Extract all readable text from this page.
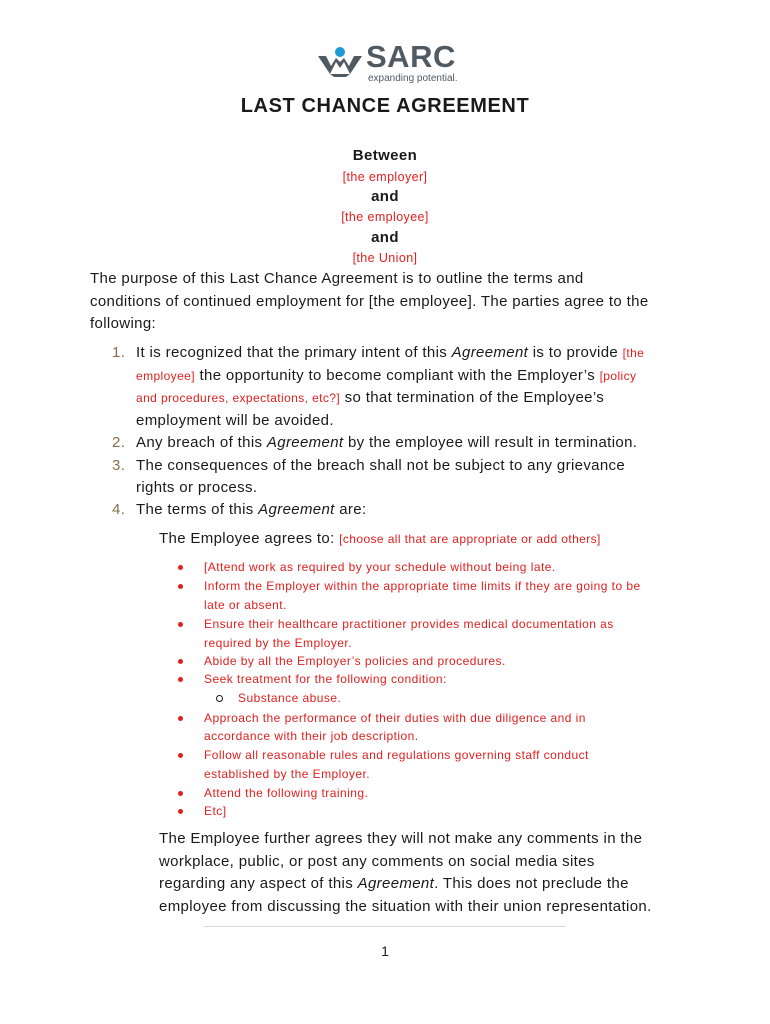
SARC
expanding potential.
LAST CHANCE AGREEMENT
Between
[the employer]
and
[the employee]
and
[the Union]
The purpose of this Last Chance Agreement is to outline the terms and
conditions of continued employment for [the employee]. The parties agree to the
following:
1. It is recognized that the primary intent of this Agreement is to provide [the
employee] the opportunity to become compliant with the Employer’s [policy
and procedures, expectations, etc?] so that termination of the Employee’s
employment will be avoided.
2. Any breach of this Agreement by the employee will result in termination.
3. The consequences of the breach shall not be subject to any grievance
rights or process.
4. The terms of this Agreement are:
The Employee agrees to: [choose all that are appropriate or add others]
[Attend work as required by your schedule without being late.
Inform the Employer within the appropriate time limits if they are going to be
late or absent.
Ensure their healthcare practitioner provides medical documentation as
required by the Employer.
Abide by all the Employer’s policies and procedures.
Seek treatment for the following condition:
Substance abuse.
Approach the performance of their duties with due diligence and in
accordance with their job description.
Follow all reasonable rules and regulations governing staff conduct
established by the Employer.
Attend the following training.
Etc]
The Employee further agrees they will not make any comments in the
workplace, public, or post any comments on social media sites
regarding any aspect of this Agreement. This does not preclude the
employee from discussing the situation with their union representation.
1
